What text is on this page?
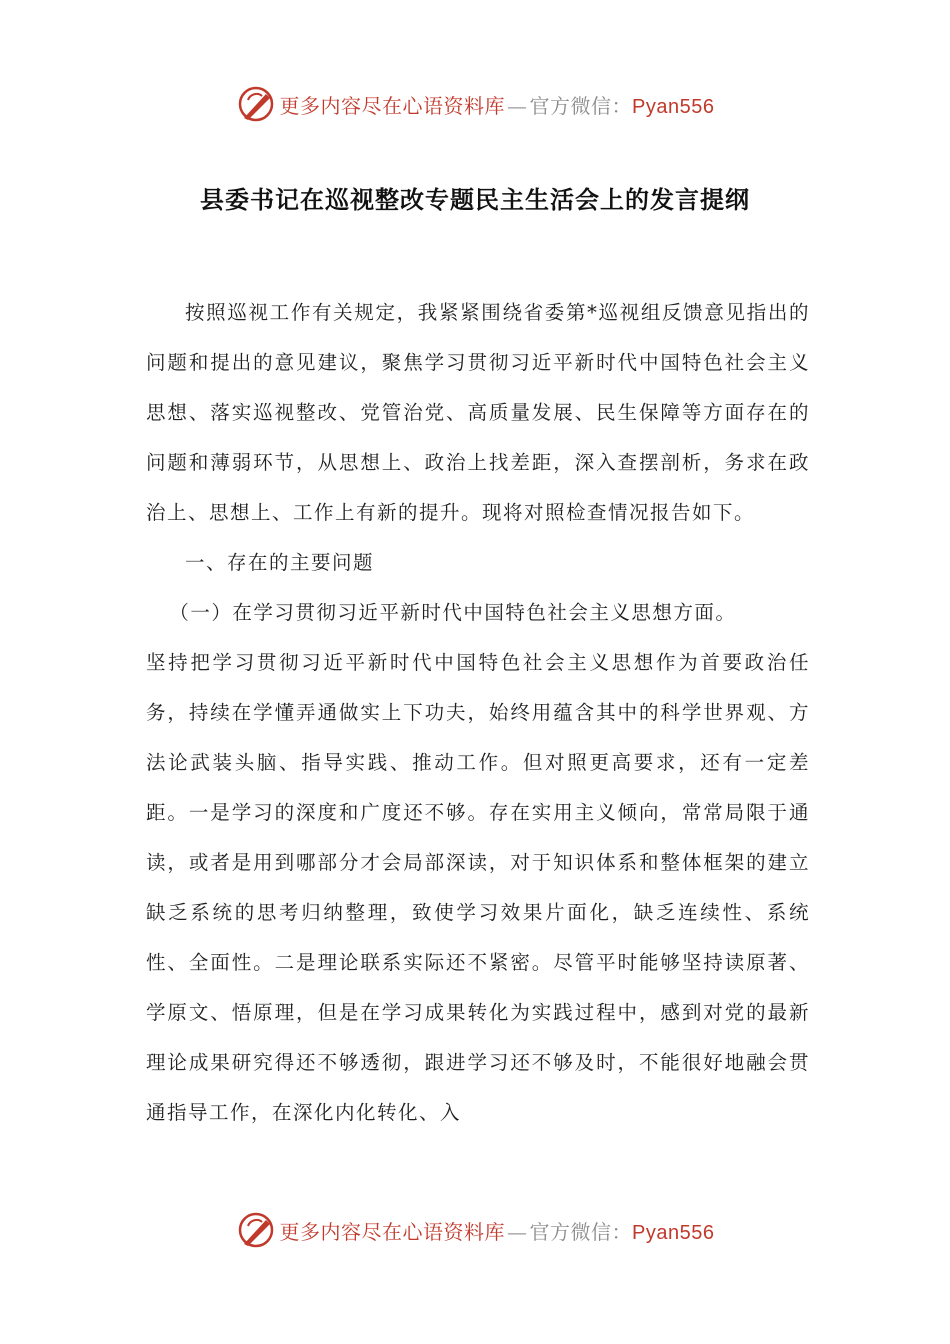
更多内容尽在心语资料库 — 官方微信：Pyan556
县委书记在巡视整改专题民主生活会上的发言提纲

按照巡视工作有关规定，我紧紧围绕省委第*巡视组反馈意见指出的问题和提出的意见建议，聚焦学习贯彻习近平新时代中国特色社会主义思想、落实巡视整改、党管治党、高质量发展、民生保障等方面存在的问题和薄弱环节，从思想上、政治上找差距，深入查摆剖析，务求在政治上、思想上、工作上有新的提升。现将对照检查情况报告如下。

一、存在的主要问题

（一）在学习贯彻习近平新时代中国特色社会主义思想方面。

坚持把学习贯彻习近平新时代中国特色社会主义思想作为首要政治任务，持续在学懂弄通做实上下功夫，始终用蕴含其中的科学世界观、方法论武装头脑、指导实践、推动工作。但对照更高要求，还有一定差距。一是学习的深度和广度还不够。存在实用主义倾向，常常局限于通读，或者是用到哪部分才会局部深读，对于知识体系和整体框架的建立缺乏系统的思考归纳整理，致使学习效果片面化，缺乏连续性、系统性、全面性。二是理论联系实际还不紧密。尽管平时能够坚持读原著、学原文、悟原理，但是在学习成果转化为实践过程中，感到对党的最新理论成果研究得还不够透彻，跟进学习还不够及时，不能很好地融会贯通指导工作，在深化内化转化、入

更多内容尽在心语资料库 — 官方微信：Pyan556
